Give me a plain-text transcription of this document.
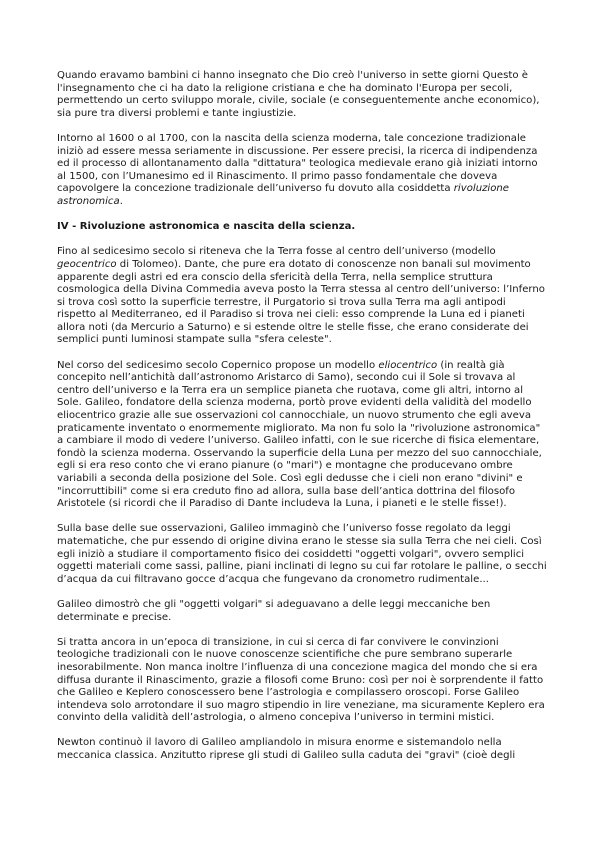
Quando eravamo bambini ci hanno insegnato che Dio creò l'universo in sette giorni Questo è l'insegnamento che ci ha dato la religione cristiana e che ha dominato l'Europa per secoli, permettendo un certo sviluppo morale, civile, sociale (e conseguentemente anche economico), sia pure tra diversi problemi e tante ingiustizie.

Intorno al 1600 o al 1700, con la nascita della scienza moderna, tale concezione tradizionale iniziò ad essere messa seriamente in discussione. Per essere precisi, la ricerca di indipendenza ed il processo di allontanamento dalla "dittatura" teologica medievale erano già iniziati intorno al 1500, con l’Umanesimo ed il Rinascimento. Il primo passo fondamentale che doveva capovolgere la concezione tradizionale dell’universo fu dovuto alla cosiddetta rivoluzione astronomica.

IV - Rivoluzione astronomica e nascita della scienza.

Fino al sedicesimo secolo si riteneva che la Terra fosse al centro dell’universo (modello geocentrico di Tolomeo). Dante, che pure era dotato di conoscenze non banali sul movimento apparente degli astri ed era conscio della sfericità della Terra, nella semplice struttura cosmologica della Divina Commedia aveva posto la Terra stessa al centro dell’universo: l’Inferno si trova così sotto la superficie terrestre, il Purgatorio si trova sulla Terra ma agli antipodi rispetto al Mediterraneo, ed il Paradiso si trova nei cieli: esso comprende la Luna ed i pianeti allora noti (da Mercurio a Saturno) e si estende oltre le stelle fisse, che erano considerate dei semplici punti luminosi stampate sulla "sfera celeste".

Nel corso del sedicesimo secolo Copernico propose un modello eliocentrico (in realtà già concepito nell’antichità dall’astronomo Aristarco di Samo), secondo cui il Sole si trovava al centro dell’universo e la Terra era un semplice pianeta che ruotava, come gli altri, intorno al Sole. Galileo, fondatore della scienza moderna, portò prove evidenti della validità del modello eliocentrico grazie alle sue osservazioni col cannocchiale, un nuovo strumento che egli aveva praticamente inventato o enormemente migliorato. Ma non fu solo la "rivoluzione astronomica" a cambiare il modo di vedere l’universo. Galileo infatti, con le sue ricerche di fisica elementare, fondò la scienza moderna. Osservando la superficie della Luna per mezzo del suo cannocchiale, egli si era reso conto che vi erano pianure (o "mari") e montagne che producevano ombre variabili a seconda della posizione del Sole. Così egli dedusse che i cieli non erano "divini" e "incorruttibili" come si era creduto fino ad allora, sulla base dell’antica dottrina del filosofo Aristotele (si ricordi che il Paradiso di Dante includeva la Luna, i pianeti e le stelle fisse!).

Sulla base delle sue osservazioni, Galileo immaginò che l’universo fosse regolato da leggi matematiche, che pur essendo di origine divina erano le stesse sia sulla Terra che nei cieli. Così egli iniziò a studiare il comportamento fisico dei cosiddetti "oggetti volgari", ovvero semplici oggetti materiali come sassi, palline, piani inclinati di legno su cui far rotolare le palline, o secchi d’acqua da cui filtravano gocce d’acqua che fungevano da cronometro rudimentale...

Galileo dimostrò che gli "oggetti volgari" si adeguavano a delle leggi meccaniche ben determinate e precise.

Si tratta ancora in un’epoca di transizione, in cui si cerca di far convivere le convinzioni teologiche tradizionali con le nuove conoscenze scientifiche che pure sembrano superarle inesorabilmente. Non manca inoltre l’influenza di una concezione magica del mondo che si era diffusa durante il Rinascimento, grazie a filosofi come Bruno: così per noi è sorprendente il fatto che Galileo e Keplero conoscessero bene l’astrologia e compilassero oroscopi. Forse Galileo intendeva solo arrotondare il suo magro stipendio in lire veneziane, ma sicuramente Keplero era convinto della validità dell’astrologia, o almeno concepiva l’universo in termini mistici.

Newton continuò il lavoro di Galileo ampliandolo in misura enorme e sistemandolo nella meccanica classica. Anzitutto riprese gli studi di Galileo sulla caduta dei "gravi" (cioè degli
